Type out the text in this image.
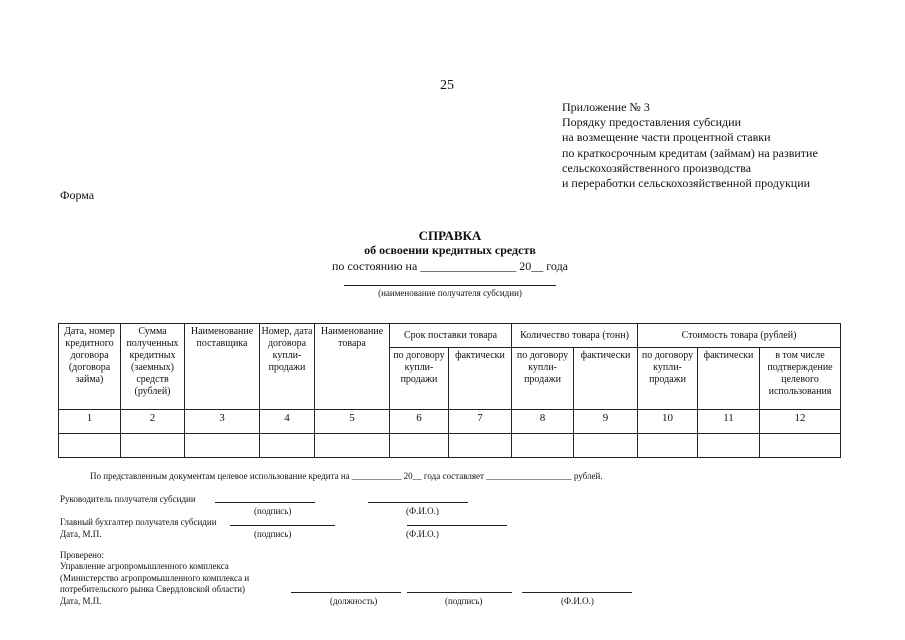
25
Приложение № 3
Порядку предоставления субсидии
на возмещение части процентной ставки
по краткосрочным кредитам (займам) на развитие
сельскохозяйственного производства
и переработки сельскохозяйственной продукции
Форма
СПРАВКА
об освоении кредитных средств
по состоянию на ________________ 20__ года
(наименование получателя субсидии)
Дата, номер кредитного договора (договора займа)	Сумма полученных кредитных (заемных) средств (рублей)	Наименование поставщика	Номер, дата договора купли-продажи	Наименование товара	Срок поставки товара		Количество товара (тонн)		Стоимость товара (рублей)		
					по договору купли-продажи	фактически	по договору купли-продажи	фактически	по договору купли-продажи	фактически	в том числе подтверждение целевого использования
1	2	3	4	5	6	7	8	9	10	11	12

По представленным документам целевое использование кредита на ___________ 20__ года составляет ___________________ рублей.
Руководитель получателя субсидии
(подпись)	(Ф.И.О.)
Главный бухгалтер получателя субсидии
Дата, М.П.	(подпись)	(Ф.И.О.)
Проверено:
Управление агропромышленного комплекса
(Министерство агропромышленного комплекса и
потребительского рынка Свердловской области)
Дата, М.П.	(должность)	(подпись)	(Ф.И.О.)
